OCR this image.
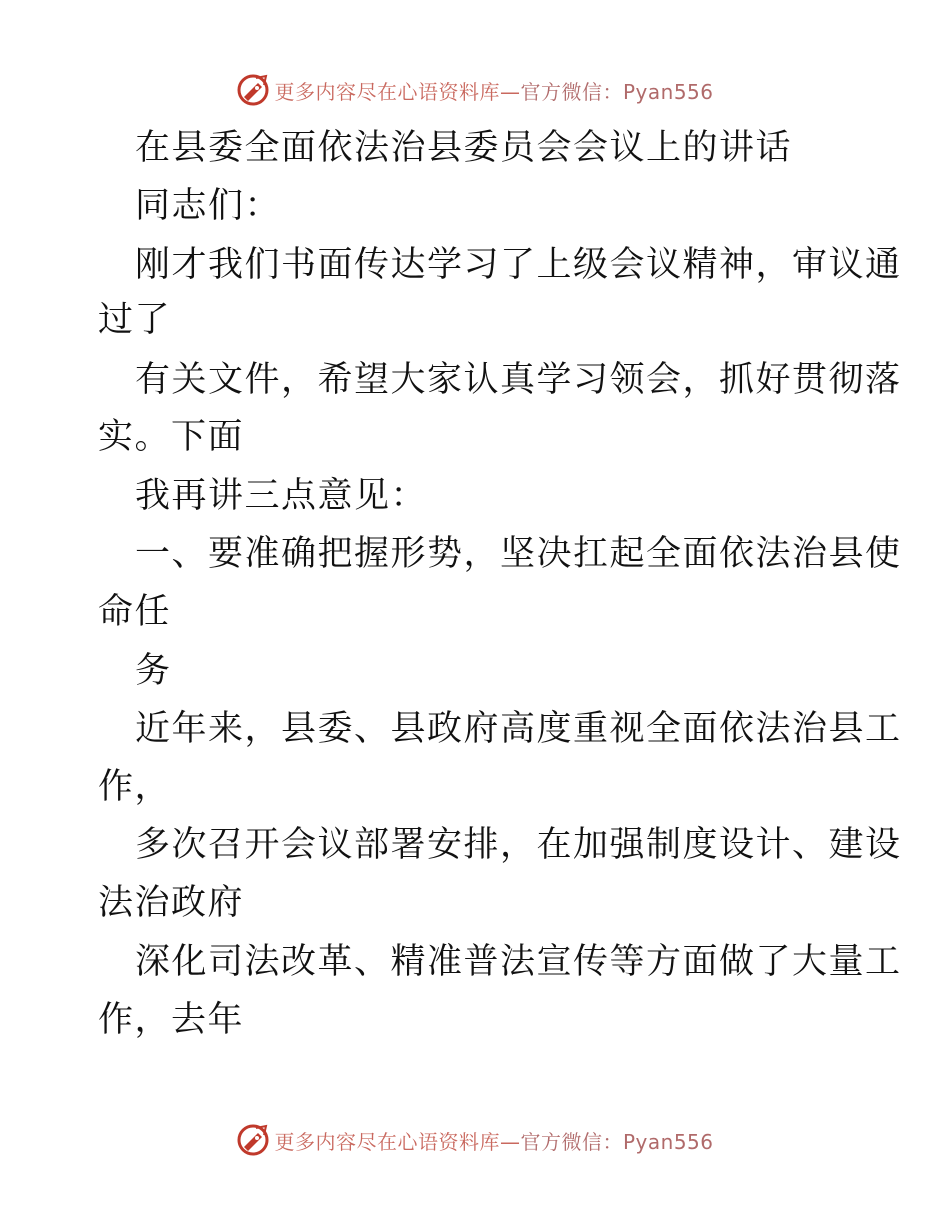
更多内容尽在心语资料库—官方微信：Pyan556
在县委全面依法治县委员会会议上的讲话
同志们：
刚才我们书面传达学习了上级会议精神，审议通
过了
有关文件，希望大家认真学习领会，抓好贯彻落
实。下面
我再讲三点意见：
一、要准确把握形势，坚决扛起全面依法治县使
命任
务
近年来，县委、县政府高度重视全面依法治县工
作，
多次召开会议部署安排，在加强制度设计、建设
法治政府
深化司法改革、精准普法宣传等方面做了大量工
作，去年
更多内容尽在心语资料库—官方微信：Pyan556
